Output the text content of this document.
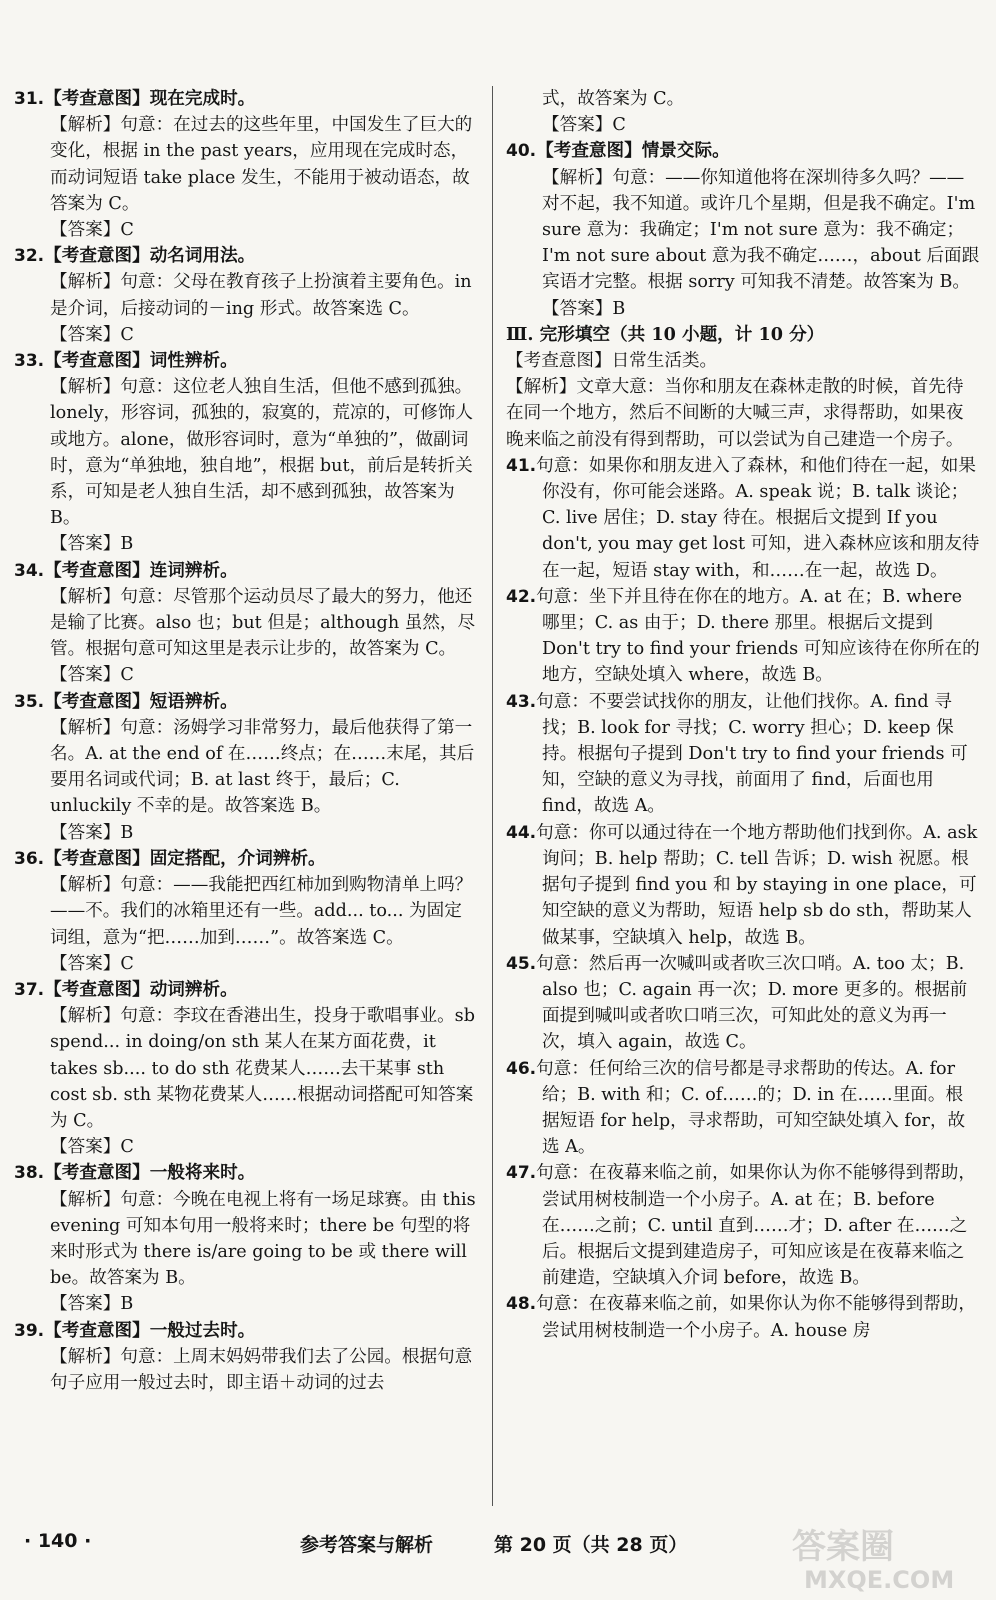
31.【考查意图】现在完成时。
【解析】句意：在过去的这些年里，中国发生了巨大的变化，根据 in the past years，应用现在完成时态，而动词短语 take place 发生，不能用于被动语态，故答案为 C。
【答案】C
32.【考查意图】动名词用法。
【解析】句意：父母在教育孩子上扮演着主要角色。in 是介词，后接动词的－ing 形式。故答案选 C。
【答案】C
33.【考查意图】词性辨析。
【解析】句意：这位老人独自生活，但他不感到孤独。lonely，形容词，孤独的，寂寞的，荒凉的，可修饰人或地方。alone，做形容词时，意为“单独的”，做副词时，意为“单独地，独自地”，根据 but，前后是转折关系，可知是老人独自生活，却不感到孤独，故答案为 B。
【答案】B
34.【考查意图】连词辨析。
【解析】句意：尽管那个运动员尽了最大的努力，他还是输了比赛。also 也；but 但是；although 虽然，尽管。根据句意可知这里是表示让步的，故答案为 C。
【答案】C
35.【考查意图】短语辨析。
【解析】句意：汤姆学习非常努力，最后他获得了第一名。A. at the end of 在……终点；在……末尾，其后要用名词或代词；B. at last 终于，最后；C. unluckily 不幸的是。故答案选 B。
【答案】B
36.【考查意图】固定搭配，介词辨析。
【解析】句意：——我能把西红柿加到购物清单上吗？——不。我们的冰箱里还有一些。add... to... 为固定词组，意为“把……加到……”。故答案选 C。
【答案】C
37.【考查意图】动词辨析。
【解析】句意：李玟在香港出生，投身于歌唱事业。sb spend... in doing/on sth 某人在某方面花费，it takes sb.... to do sth 花费某人……去干某事 sth cost sb. sth 某物花费某人……根据动词搭配可知答案为 C。
【答案】C
38.【考查意图】一般将来时。
【解析】句意：今晚在电视上将有一场足球赛。由 this evening 可知本句用一般将来时；there be 句型的将来时形式为 there is/are going to be 或 there will be。故答案为 B。
【答案】B
39.【考查意图】一般过去时。
【解析】句意：上周末妈妈带我们去了公园。根据句意句子应用一般过去时，即主语＋动词的过去
式，故答案为 C。
【答案】C
40.【考查意图】情景交际。
【解析】句意：——你知道他将在深圳待多久吗？——对不起，我不知道。或许几个星期，但是我不确定。I'm sure 意为：我确定；I'm not sure 意为：我不确定；I'm not sure about 意为我不确定……，about 后面跟宾语才完整。根据 sorry 可知我不清楚。故答案为 B。
【答案】B
Ⅲ. 完形填空（共 10 小题，计 10 分）
【考查意图】日常生活类。
【解析】文章大意：当你和朋友在森林走散的时候，首先待在同一个地方，然后不间断的大喊三声，求得帮助，如果夜晚来临之前没有得到帮助，可以尝试为自己建造一个房子。
41.句意：如果你和朋友进入了森林，和他们待在一起，如果你没有，你可能会迷路。A. speak 说；B. talk 谈论；C. live 居住；D. stay 待在。根据后文提到 If you don't, you may get lost 可知，进入森林应该和朋友待在一起，短语 stay with，和……在一起，故选 D。
42.句意：坐下并且待在你在的地方。A. at 在；B. where 哪里；C. as 由于；D. there 那里。根据后文提到 Don't try to find your friends 可知应该待在你所在的地方，空缺处填入 where，故选 B。
43.句意：不要尝试找你的朋友，让他们找你。A. find 寻找；B. look for 寻找；C. worry 担心；D. keep 保持。根据句子提到 Don't try to find your friends 可知，空缺的意义为寻找，前面用了 find，后面也用 find，故选 A。
44.句意：你可以通过待在一个地方帮助他们找到你。A. ask 询问；B. help 帮助；C. tell 告诉；D. wish 祝愿。根据句子提到 find you 和 by staying in one place，可知空缺的意义为帮助，短语 help sb do sth，帮助某人做某事，空缺填入 help，故选 B。
45.句意：然后再一次喊叫或者吹三次口哨。A. too 太；B. also 也；C. again 再一次；D. more 更多的。根据前面提到喊叫或者吹口哨三次，可知此处的意义为再一次，填入 again，故选 C。
46.句意：任何给三次的信号都是寻求帮助的传达。A. for 给；B. with 和；C. of……的；D. in 在……里面。根据短语 for help，寻求帮助，可知空缺处填入 for，故选 A。
47.句意：在夜幕来临之前，如果你认为你不能够得到帮助，尝试用树枝制造一个小房子。A. at 在；B. before 在……之前；C. until 直到……才；D. after 在……之后。根据后文提到建造房子，可知应该是在夜幕来临之前建造，空缺填入介词 before，故选 B。
48.句意：在夜幕来临之前，如果你认为你不能够得到帮助，尝试用树枝制造一个小房子。A. house 房
· 140 ·	参考答案与解析	第 20 页（共 28 页）	答案圈
MXQE.COM
